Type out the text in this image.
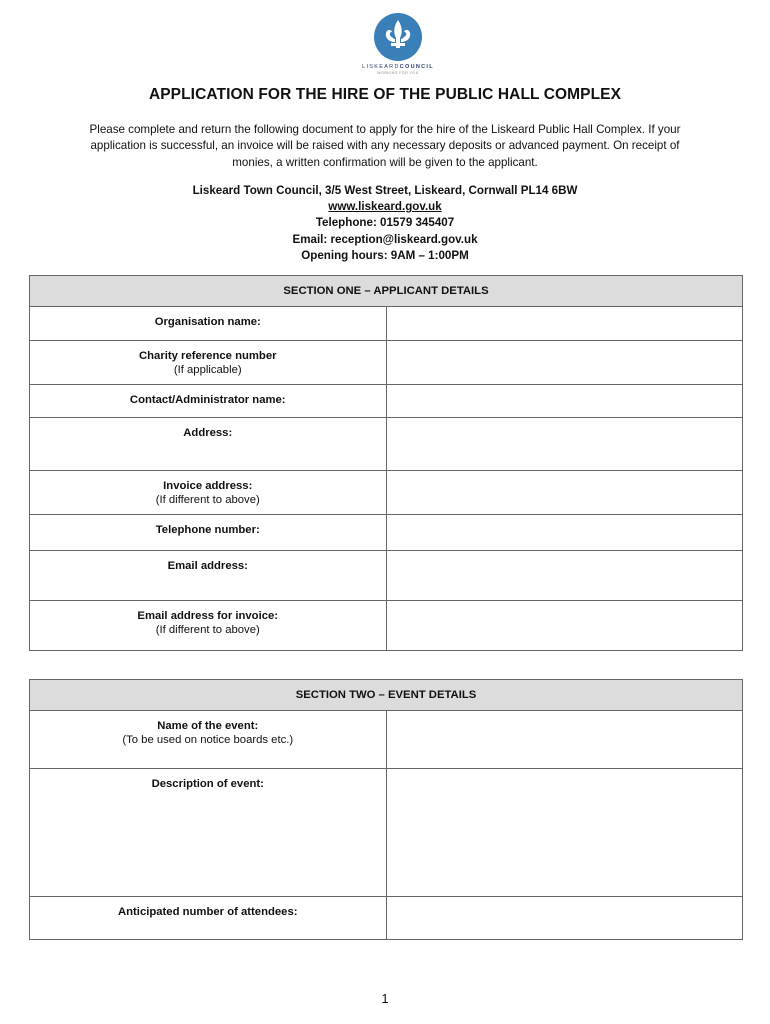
LISKEARDCOUNCIL
WORKING FOR YOU
APPLICATION FOR THE HIRE OF THE PUBLIC HALL COMPLEX
Please complete and return the following document to apply for the hire of the Liskeard Public Hall Complex. If your
application is successful, an invoice will be raised with any necessary deposits or advanced payment. On receipt of
monies, a written confirmation will be given to the applicant.
Liskeard Town Council, 3/5 West Street, Liskeard, Cornwall PL14 6BW
www.liskeard.gov.uk
Telephone: 01579 345407
Email: reception@liskeard.gov.uk
Opening hours: 9AM – 1:00PM
SECTION ONE – APPLICANT DETAILS	
Organisation name:	

Charity reference number
(If applicable)	

Contact/Administrator name:	
Address:	

Invoice address:
(If different to above)	

Telephone number:	
Email address:	

Email address for invoice:
(If different to above)	

SECTION TWO – EVENT DETAILS	

Name of the event:
(To be used on notice boards etc.)	

Description of event:	
Anticipated number of attendees:	
1
